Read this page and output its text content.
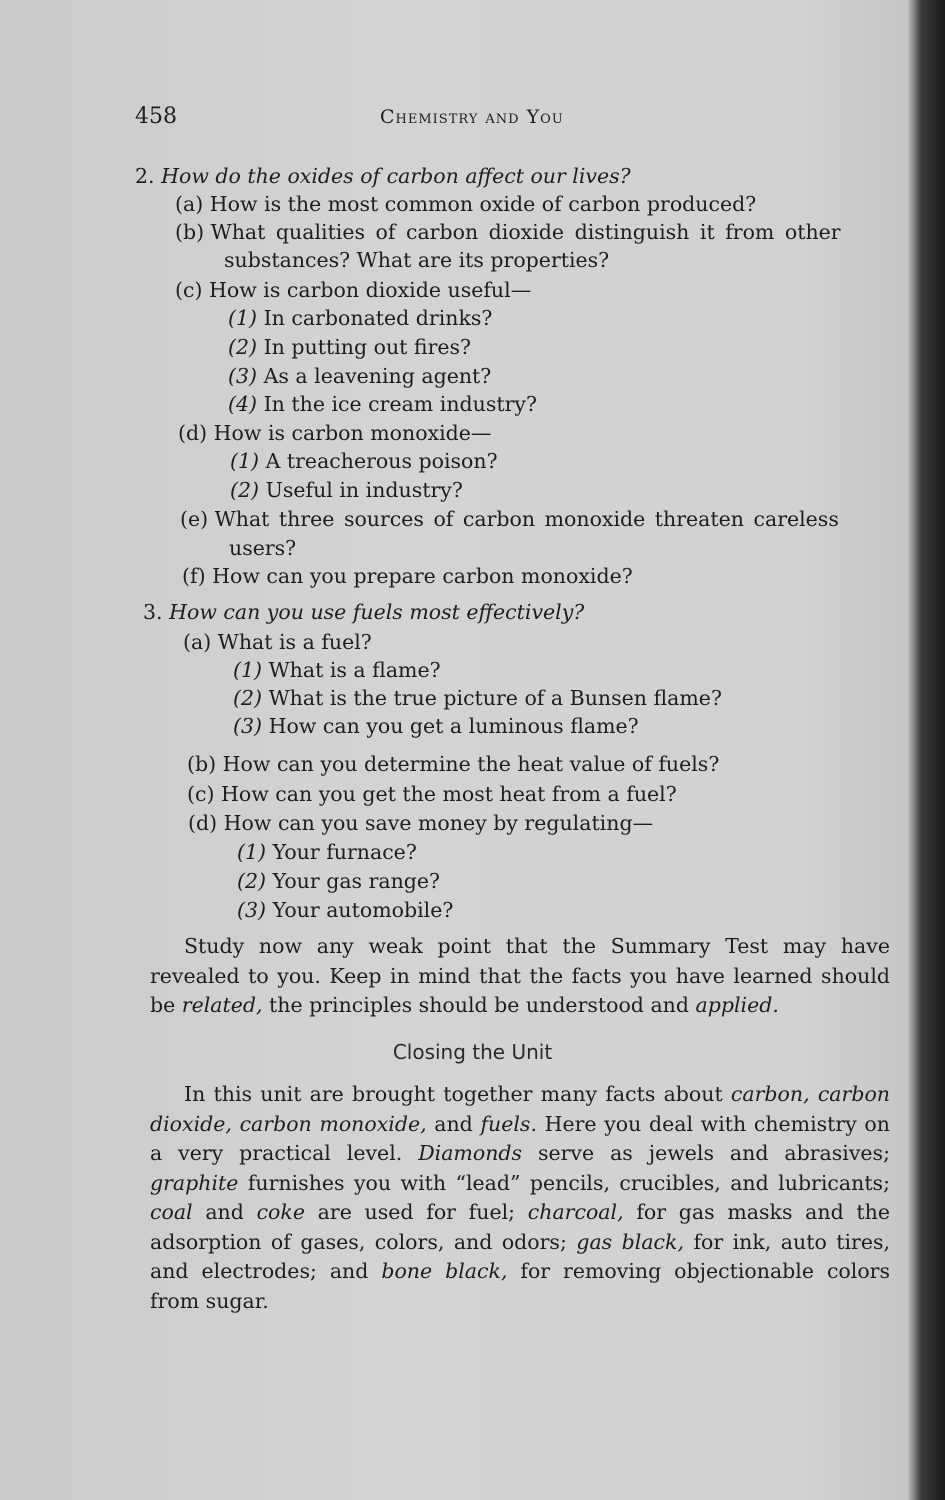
458	Chemistry and You
2. How do the oxides of carbon affect our lives?
(a) How is the most common oxide of carbon produced?
(b) What qualities of carbon dioxide distinguish it from other
substances? What are its properties?
(c) How is carbon dioxide useful—
(1) In carbonated drinks?
(2) In putting out fires?
(3) As a leavening agent?
(4) In the ice cream industry?
(d) How is carbon monoxide—
(1) A treacherous poison?
(2) Useful in industry?
(e) What three sources of carbon monoxide threaten careless
users?
(f) How can you prepare carbon monoxide?
3. How can you use fuels most effectively?
(a) What is a fuel?
(1) What is a flame?
(2) What is the true picture of a Bunsen flame?
(3) How can you get a luminous flame?
(b) How can you determine the heat value of fuels?
(c) How can you get the most heat from a fuel?
(d) How can you save money by regulating—
(1) Your furnace?
(2) Your gas range?
(3) Your automobile?
Study now any weak point that the Summary Test may have revealed to you. Keep in mind that the facts you have learned should be related, the principles should be understood and applied.
Closing the Unit
In this unit are brought together many facts about carbon, carbon dioxide, carbon monoxide, and fuels. Here you deal with chemistry on a very practical level. Diamonds serve as jewels and abrasives; graphite furnishes you with “lead” pencils, crucibles, and lubricants; coal and coke are used for fuel; charcoal, for gas masks and the adsorption of gases, colors, and odors; gas black, for ink, auto tires, and electrodes; and bone black, for removing objectionable colors from sugar.
